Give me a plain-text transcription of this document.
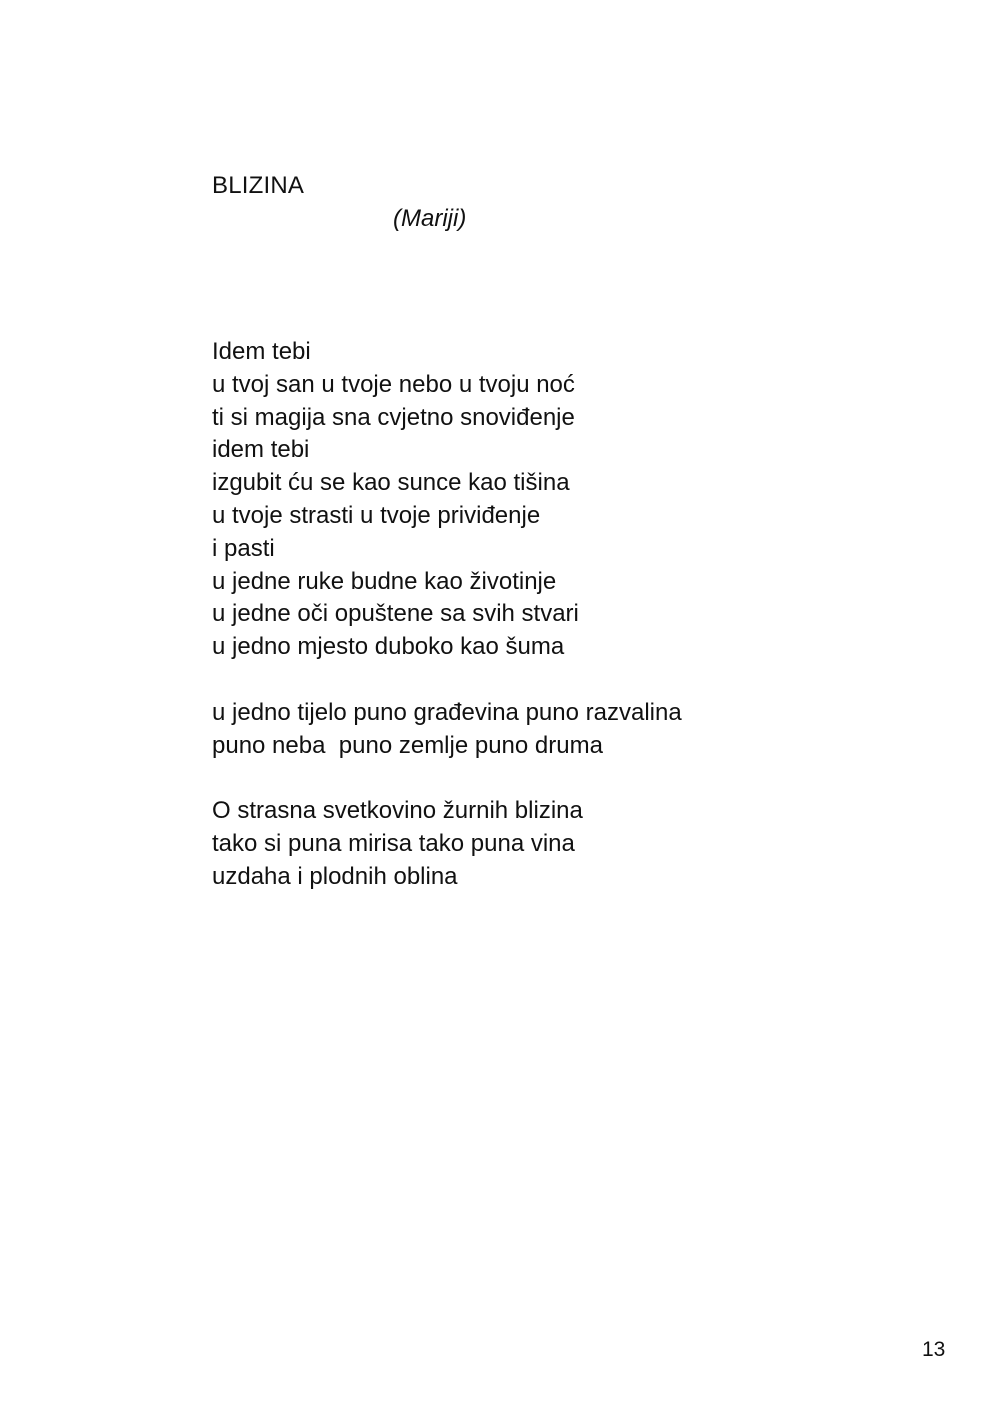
BLIZINA
(Mariji)
Idem tebi
u tvoj san u tvoje nebo u tvoju noć
ti si magija sna cvjetno snoviđenje
idem tebi
izgubit ću se kao sunce kao tišina
u tvoje strasti u tvoje priviđenje
i pasti
u jedne ruke budne kao životinje
u jedne oči opuštene sa svih stvari
u jedno mjesto duboko kao šuma
u jedno tijelo puno građevina puno razvalina
puno neba  puno zemlje puno druma
O strasna svetkovino žurnih blizina
tako si puna mirisa tako puna vina
uzdaha i plodnih oblina
13
